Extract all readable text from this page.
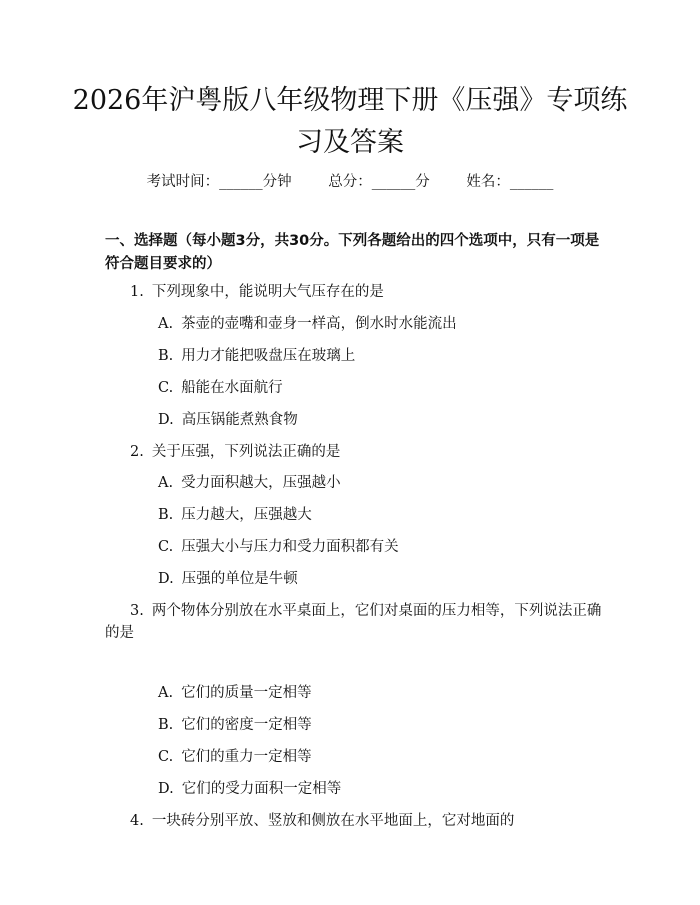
2026年沪粤版八年级物理下册《压强》专项练习及答案
考试时间：______分钟	总分：______分	姓名：______
一、选择题（每小题3分，共30分。下列各题给出的四个选项中，只有一项是符合题目要求的）
1. 下列现象中，能说明大气压存在的是
A. 茶壶的壶嘴和壶身一样高，倒水时水能流出
B. 用力才能把吸盘压在玻璃上
C. 船能在水面航行
D. 高压锅能煮熟食物
2. 关于压强，下列说法正确的是
A. 受力面积越大，压强越小
B. 压力越大，压强越大
C. 压强大小与压力和受力面积都有关
D. 压强的单位是牛顿
3. 两个物体分别放在水平桌面上，它们对桌面的压力相等，下列说法正确的是
A. 它们的质量一定相等
B. 它们的密度一定相等
C. 它们的重力一定相等
D. 它们的受力面积一定相等
4. 一块砖分别平放、竖放和侧放在水平地面上，它对地面的
